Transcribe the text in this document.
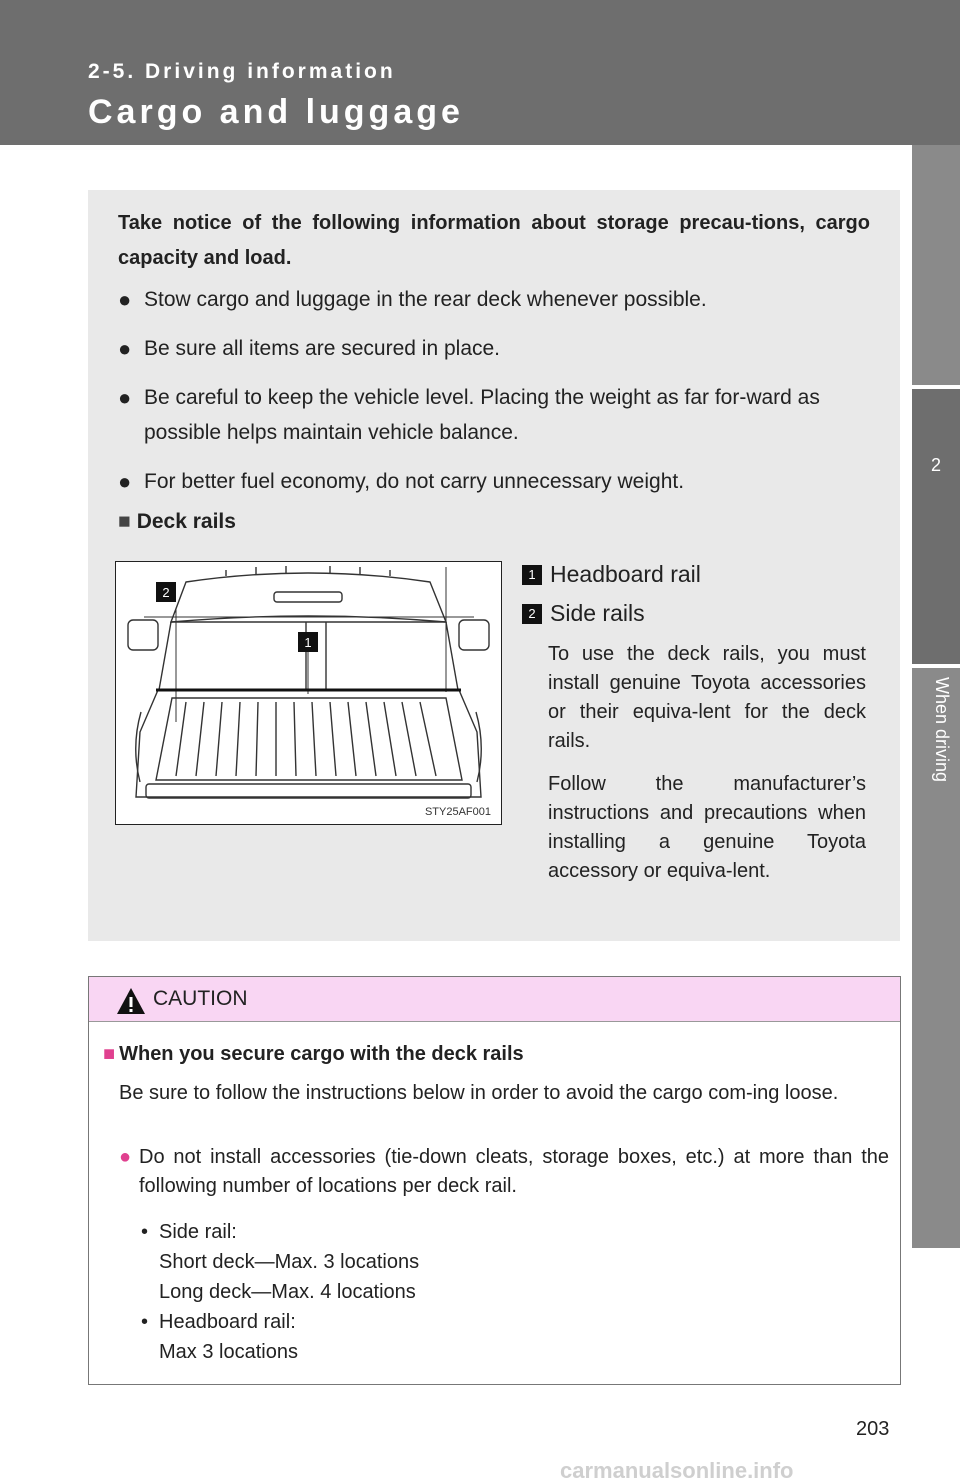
2-5. Driving information
Cargo and luggage
2
When driving
Take notice of the following information about storage precau-tions, cargo capacity and load.
● Stow cargo and luggage in the rear deck whenever possible.
● Be sure all items are secured in place.
● Be careful to keep the vehicle level. Placing the weight as far for-ward as possible helps maintain vehicle balance.
● For better fuel economy, do not carry unnecessary weight.
■ Deck rails
2
1
STY25AF001
1 Headboard rail
2 Side rails
To use the deck rails, you must install genuine Toyota accessories or their equiva-lent for the deck rails.
Follow the manufacturer’s instructions and precautions when installing a genuine Toyota accessory or equiva-lent.
CAUTION
■ When you secure cargo with the deck rails
Be sure to follow the instructions below in order to avoid the cargo com-ing loose.
● Do not install accessories (tie-down cleats, storage boxes, etc.) at more than the following number of locations per deck rail.
• Side rail:
Short deck—Max. 3 locations
Long deck—Max. 4 locations
• Headboard rail:
Max 3 locations
203
carmanualsonline.info
